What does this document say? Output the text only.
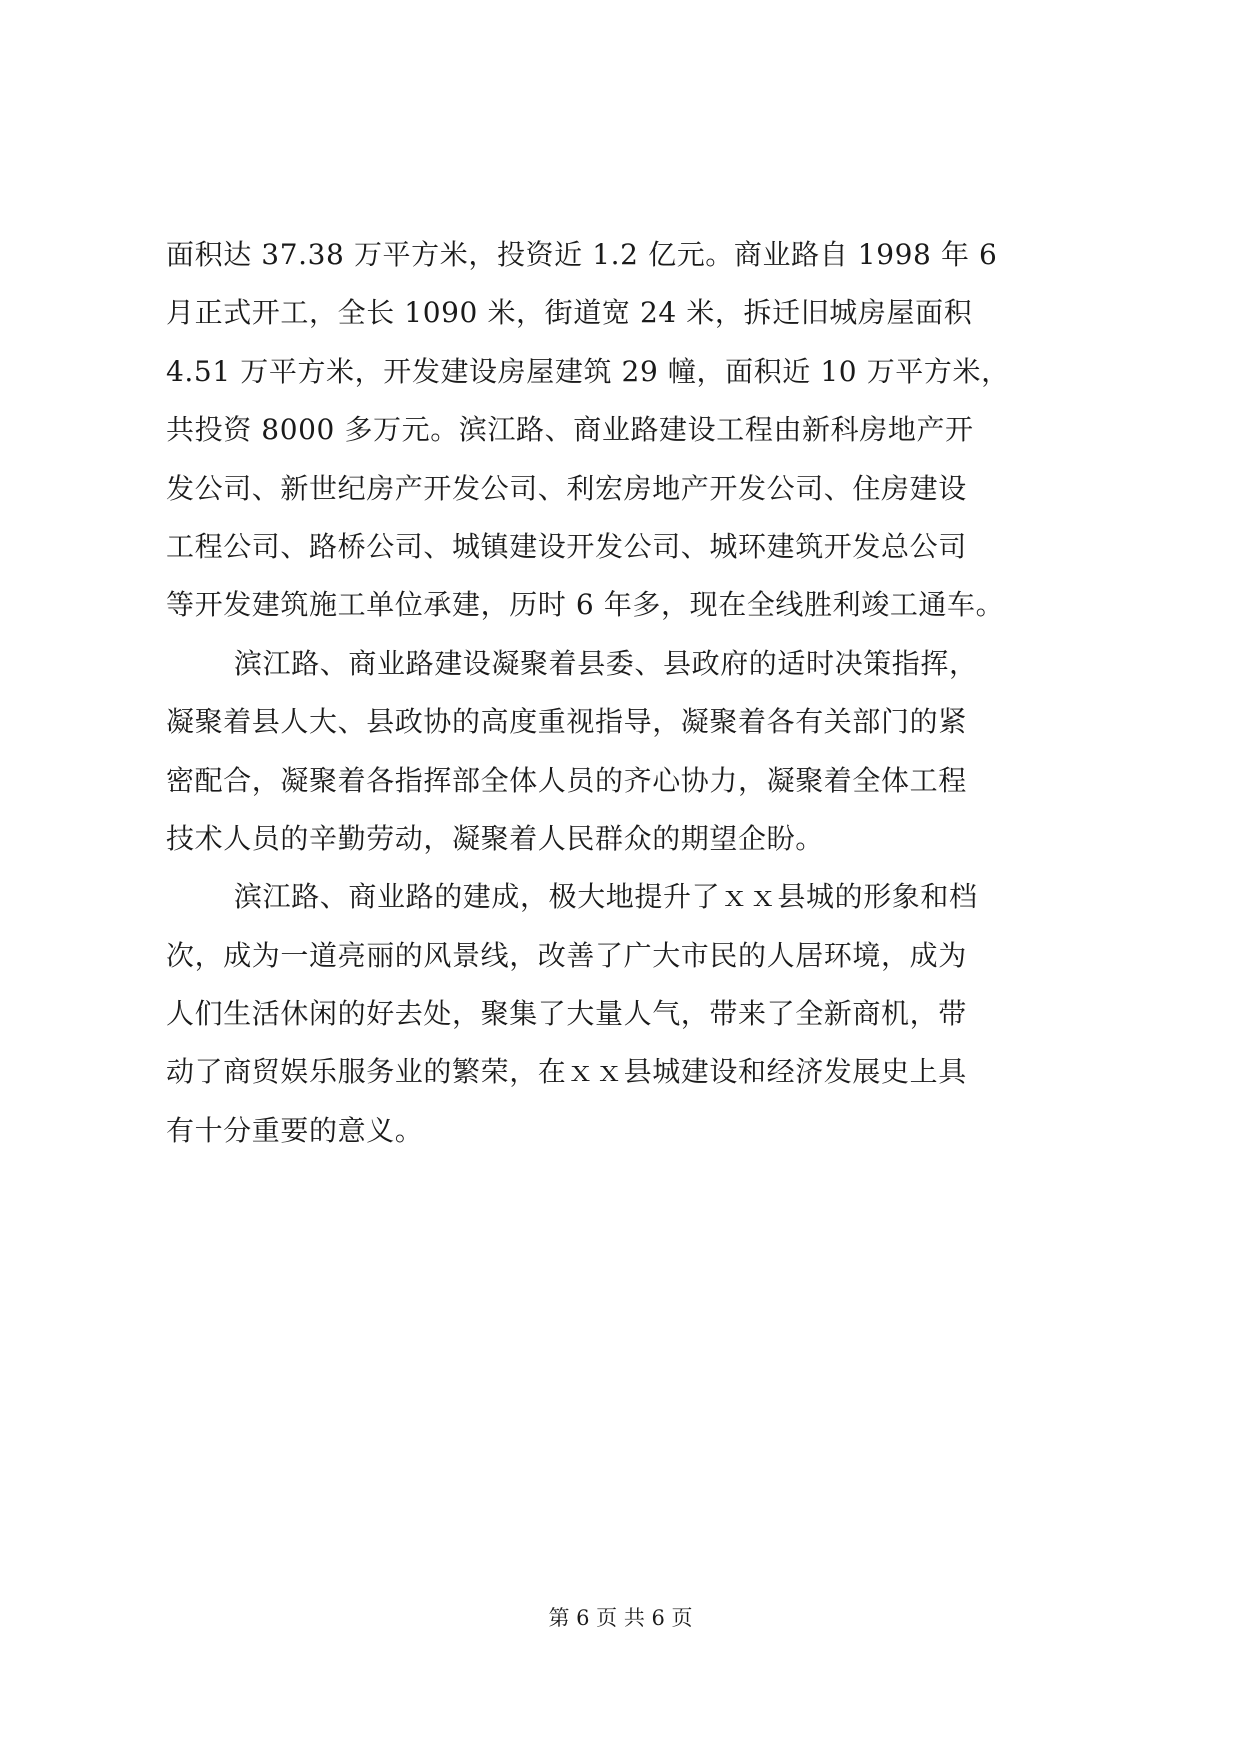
面积达 37.38 万平方米，投资近 1.2 亿元。商业路自 1998 年 6
月正式开工，全长 1090 米，街道宽 24 米，拆迁旧城房屋面积
4.51 万平方米，开发建设房屋建筑 29 幢，面积近 10 万平方米，
共投资 8000 多万元。滨江路、商业路建设工程由新科房地产开
发公司、新世纪房产开发公司、利宏房地产开发公司、住房建设
工程公司、路桥公司、城镇建设开发公司、城环建筑开发总公司
等开发建筑施工单位承建，历时 6 年多，现在全线胜利竣工通车。
滨江路、商业路建设凝聚着县委、县政府的适时决策指挥，
凝聚着县人大、县政协的高度重视指导，凝聚着各有关部门的紧
密配合，凝聚着各指挥部全体人员的齐心协力，凝聚着全体工程
技术人员的辛勤劳动，凝聚着人民群众的期望企盼。
滨江路、商业路的建成，极大地提升了ｘｘ县城的形象和档
次，成为一道亮丽的风景线，改善了广大市民的人居环境，成为
人们生活休闲的好去处，聚集了大量人气，带来了全新商机，带
动了商贸娱乐服务业的繁荣，在ｘｘ县城建设和经济发展史上具
有十分重要的意义。
第 6 页 共 6 页
